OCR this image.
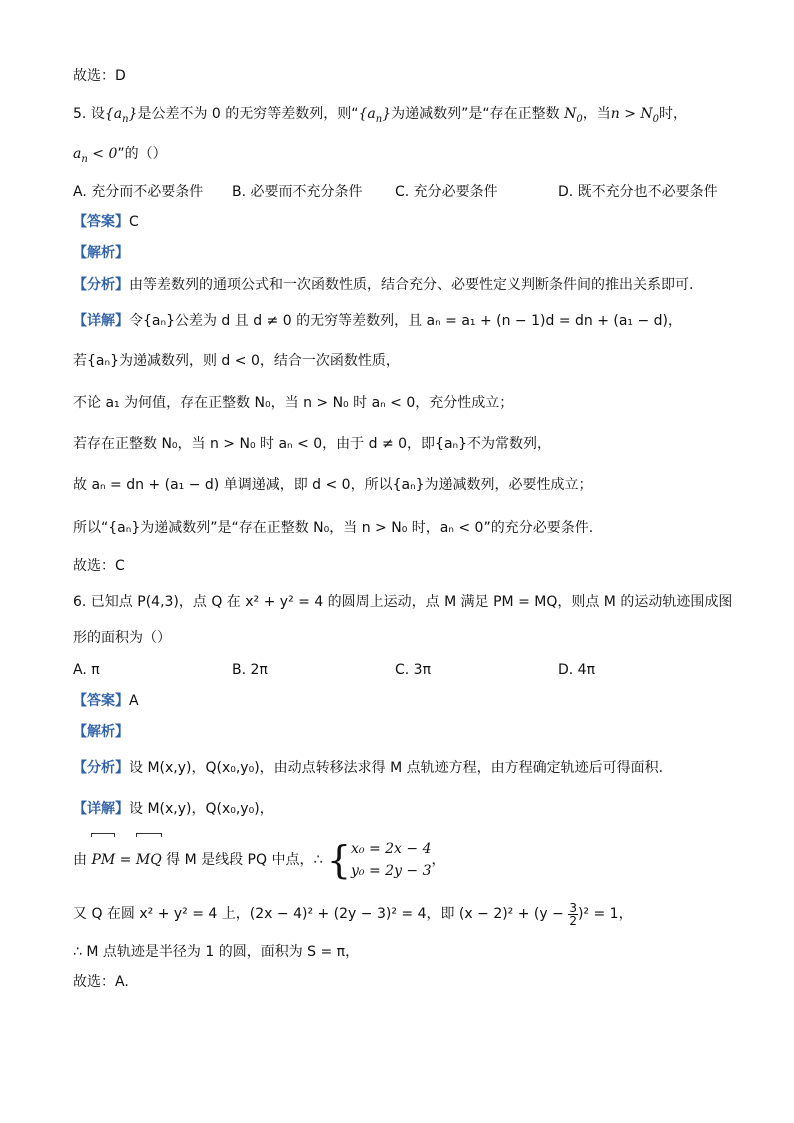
故选：D
5. 设$\{a_n\}$是公差不为 0 的无穷等差数列，则“$\{a_n\}$为递减数列”是“存在正整数 $N_0$，当$n > N_0$时，
$a_n < 0$”的（）
A. 充分而不必要条件 B. 必要而不充分条件 C. 充分必要条件	D. 既不充分也不必要条件
【答案】C
【解析】
【分析】由等差数列的通项公式和一次函数性质，结合充分、必要性定义判断条件间的推出关系即可.
【详解】令{aₙ}公差为 d 且 d ≠ 0 的无穷等差数列，且 aₙ = a₁ + (n − 1)d = dn + (a₁ − d)，
若{aₙ}为递减数列，则 d < 0，结合一次函数性质，
不论 a₁ 为何值，存在正整数 N₀，当 n > N₀ 时 aₙ < 0，充分性成立；
若存在正整数 N₀，当 n > N₀ 时 aₙ < 0，由于 d ≠ 0，即{aₙ}不为常数列，
故 aₙ = dn + (a₁ − d) 单调递减，即 d < 0，所以{aₙ}为递减数列，必要性成立；
所以“{aₙ}为递减数列”是“存在正整数 N₀，当 n > N₀ 时，aₙ < 0”的充分必要条件.
故选：C
6. 已知点 P(4,3)，点 Q 在 x² + y² = 4 的圆周上运动，点 M 满足 PM = MQ，则点 M 的运动轨迹围成图
形的面积为（）
A. π	B. 2π	C. 3π	D. 4π
【答案】A
【解析】
【分析】设 M(x,y)，Q(x₀,y₀)，由动点转移法求得 M 点轨迹方程，由方程确定轨迹后可得面积.
【详解】设 M(x,y)，Q(x₀,y₀)，
由 PM = MQ 得 M 是线段 PQ 中点，∴ { x₀ = 2x − 4
y₀ = 2y − 3
，
又 Q 在圆 x² + y² = 4 上，(2x − 4)² + (2y − 3)² = 4，即 $(x - 2)^2 + (y - \frac{3}{2} )^2 = 1$，
∴ M 点轨迹是半径为 1 的圆，面积为 S = π，
故选：A.
